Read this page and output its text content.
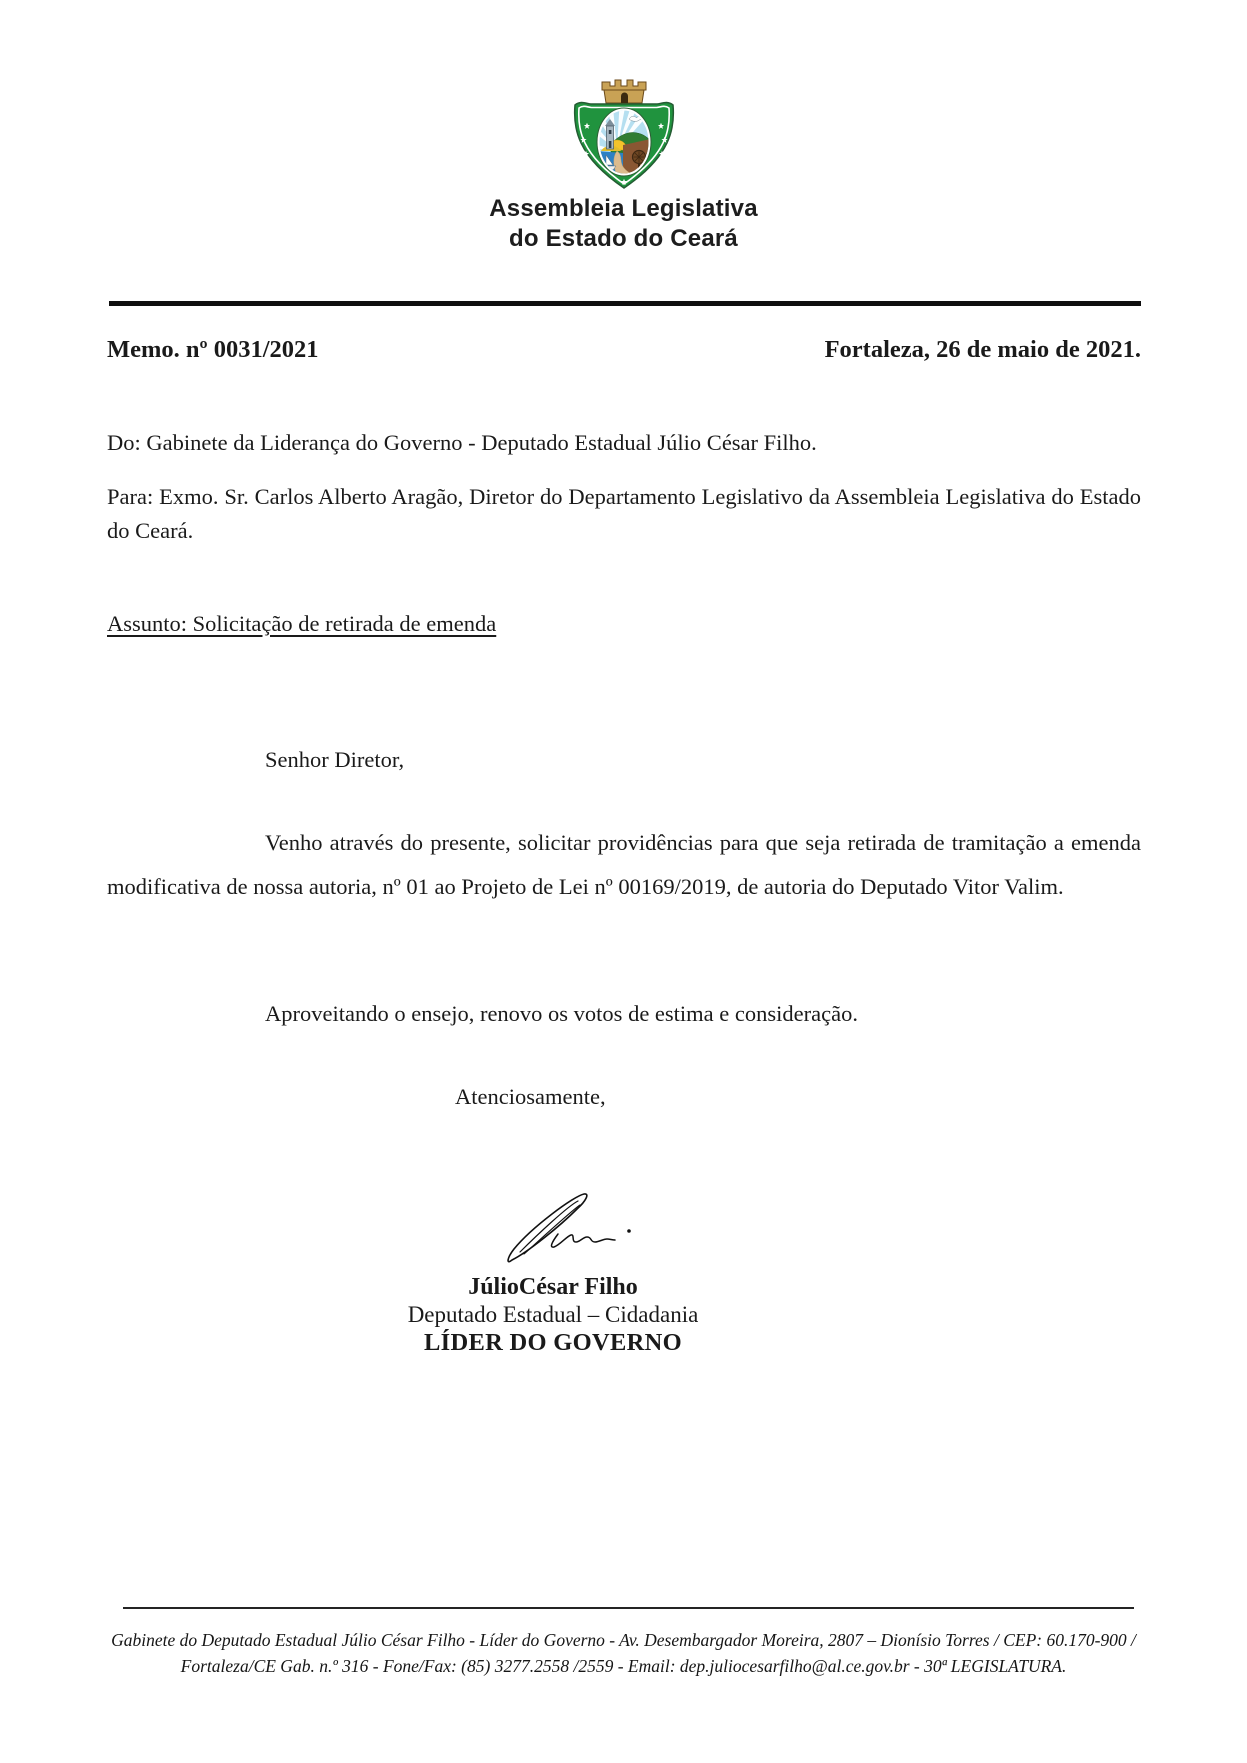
Assembleia Legislativa
do Estado do Ceará
Memo. nº 0031/2021	Fortaleza, 26 de maio de 2021.
Do: Gabinete da Liderança do Governo - Deputado Estadual Júlio César Filho.
Para: Exmo. Sr. Carlos Alberto Aragão, Diretor do Departamento Legislativo da Assembleia Legislativa do Estado do Ceará.
Assunto: Solicitação de retirada de emenda
Senhor Diretor,
Venho através do presente, solicitar providências para que seja retirada de tramitação a emenda modificativa de nossa autoria, nº 01 ao Projeto de Lei nº 00169/2019, de autoria do Deputado Vitor Valim.
Aproveitando o ensejo, renovo os votos de estima e consideração.
Atenciosamente,
JúlioCésar Filho
Deputado Estadual – Cidadania
LÍDER DO GOVERNO
Gabinete do Deputado Estadual Júlio César Filho - Líder do Governo - Av. Desembargador Moreira, 2807 – Dionísio Torres / CEP: 60.170-900 /
Fortaleza/CE Gab. n.º 316 - Fone/Fax: (85) 3277.2558 /2559 - Email: dep.juliocesarfilho@al.ce.gov.br - 30ª LEGISLATURA.
